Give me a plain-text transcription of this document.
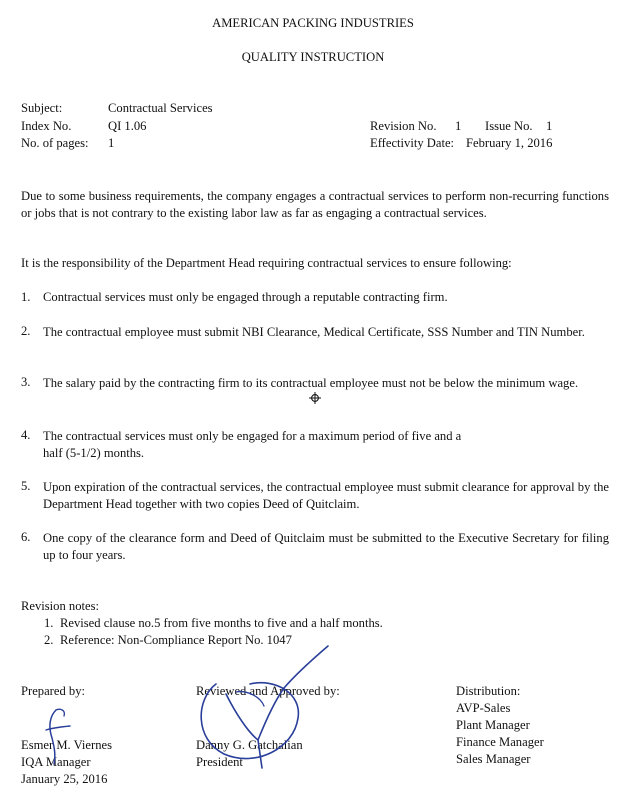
AMERICAN PACKING INDUSTRIES
QUALITY INSTRUCTION
Subject:	Contractual Services
Index No.	QI 1.06
No. of pages: 1
Revision No. 1 Issue No. 1
Effectivity Date: February 1, 2016
Due to some business requirements, the company engages a contractual services to perform non-recurring functions or jobs that is not contrary to the existing labor law as far as engaging a contractual services.
It is the responsibility of the Department Head requiring contractual services to ensure following:
1. Contractual services must only be engaged through a reputable contracting firm.
2. The contractual employee must submit NBI Clearance, Medical Certificate, SSS Number and TIN Number.
3. The salary paid by the contracting firm to its contractual employee must not be below the minimum wage.
4. The contractual services must only be engaged for a maximum period of five and a half (5-1/2) months.
5. Upon expiration of the contractual services, the contractual employee must submit clearance for approval by the Department Head together with two copies Deed of Quitclaim.
6. One copy of the clearance form and Deed of Quitclaim must be submitted to the Executive Secretary for filing up to four years.
Revision notes:
1. Revised clause no.5 from five months to five and a half months.
2. Reference: Non-Compliance Report No. 1047
Prepared by:
Esmer M. Viernes
IQA Manager
January 25, 2016
Reviewed and Approved by:
Danny G. Gatchalian
President
Distribution:
AVP-Sales
Plant Manager
Finance Manager
Sales Manager
